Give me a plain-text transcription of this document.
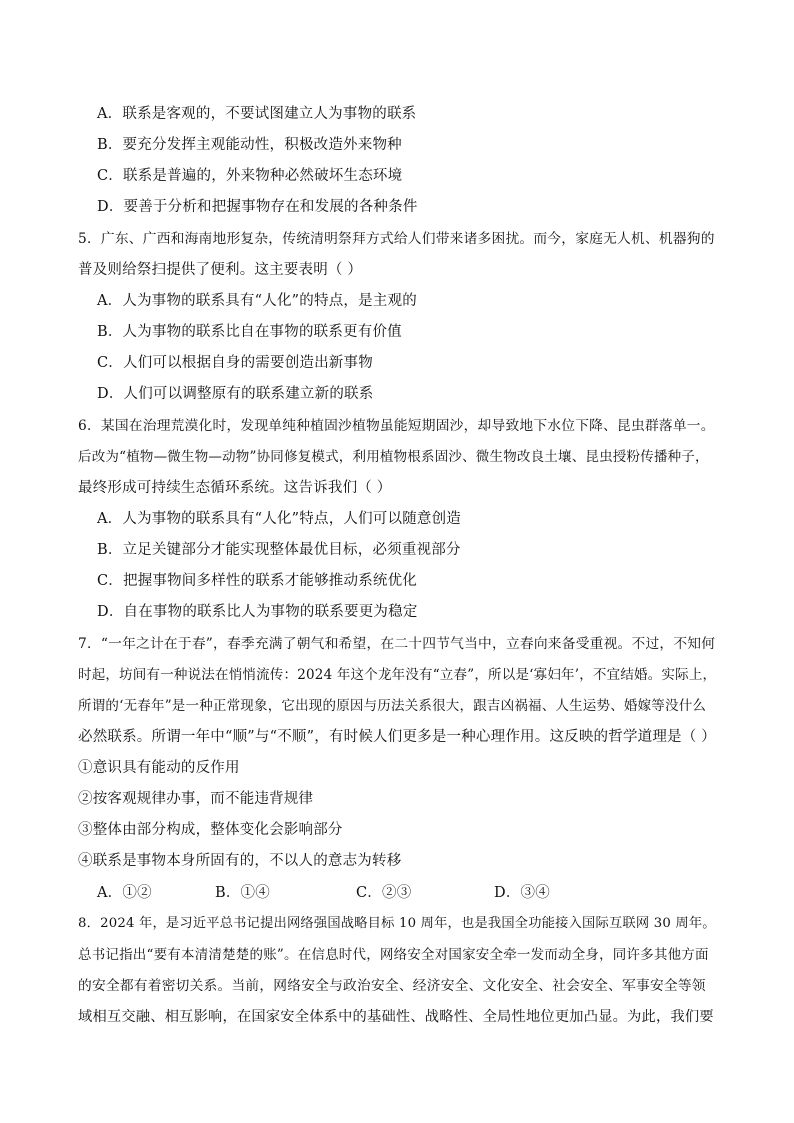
A．联系是客观的，不要试图建立人为事物的联系
B．要充分发挥主观能动性，积极改造外来物种
C．联系是普遍的，外来物种必然破坏生态环境
D．要善于分析和把握事物存在和发展的各种条件
5．广东、广西和海南地形复杂，传统清明祭拜方式给人们带来诸多困扰。而今，家庭无人机、机器狗的
普及则给祭扫提供了便利。这主要表明（ ）
A．人为事物的联系具有“人化”的特点，是主观的
B．人为事物的联系比自在事物的联系更有价值
C．人们可以根据自身的需要创造出新事物
D．人们可以调整原有的联系建立新的联系
6．某国在治理荒漠化时，发现单纯种植固沙植物虽能短期固沙，却导致地下水位下降、昆虫群落单一。
后改为“植物—微生物—动物”协同修复模式，利用植物根系固沙、微生物改良土壤、昆虫授粉传播种子，
最终形成可持续生态循环系统。这告诉我们（ ）
A．人为事物的联系具有“人化”特点，人们可以随意创造
B．立足关键部分才能实现整体最优目标，必须重视部分
C．把握事物间多样性的联系才能够推动系统优化
D．自在事物的联系比人为事物的联系要更为稳定
7．“一年之计在于春”，春季充满了朝气和希望，在二十四节气当中，立春向来备受重视。不过，不知何
时起，坊间有一种说法在悄悄流传：2024 年这个龙年没有“立春”，所以是‘寡妇年’，不宜结婚。实际上，
所谓的‘无春年”是一种正常现象，它出现的原因与历法关系很大，跟吉凶祸福、人生运势、婚嫁等没什么
必然联系。所谓一年中“顺”与“不顺”，有时候人们更多是一种心理作用。这反映的哲学道理是（ ）
①意识具有能动的反作用
②按客观规律办事，而不能违背规律
③整体由部分构成，整体变化会影响部分
④联系是事物本身所固有的，不以人的意志为转移
A．①②	B．①④	C．②③	D．③④
8．2024 年，是习近平总书记提出网络强国战略目标 10 周年，也是我国全功能接入国际互联网 30 周年。
总书记指出“要有本清清楚楚的账”。在信息时代，网络安全对国家安全牵一发而动全身，同许多其他方面
的安全都有着密切关系。当前，网络安全与政治安全、经济安全、文化安全、社会安全、军事安全等领
域相互交融、相互影响，在国家安全体系中的基础性、战略性、全局性地位更加凸显。为此，我们要
